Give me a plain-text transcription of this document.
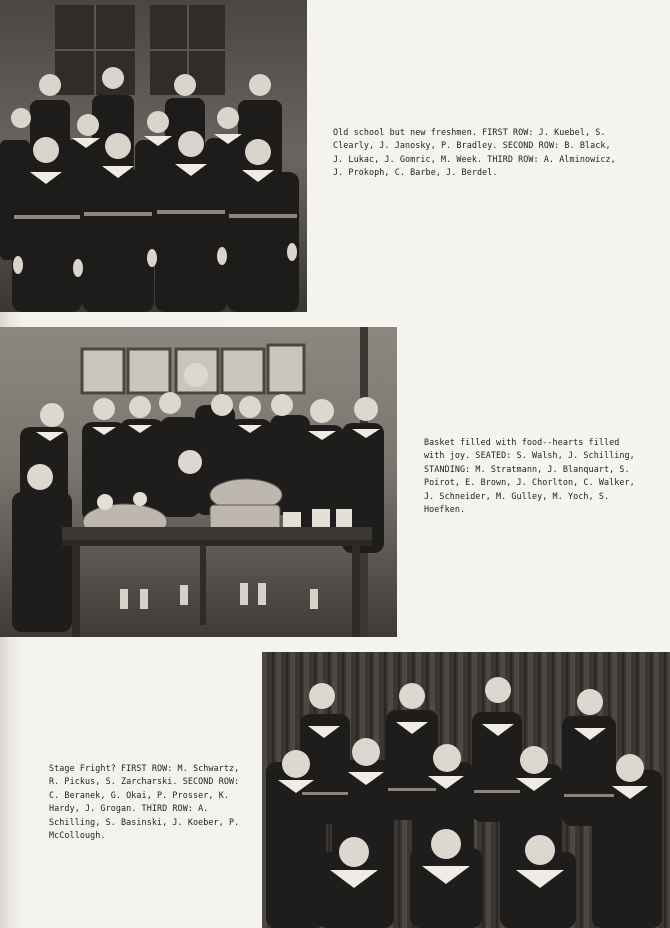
Old school but new freshmen. FIRST ROW: J. Kuebel, S. Clearly, J. Janosky, P. Bradley. SECOND ROW: B. Black, J. Lukac, J. Gomric, M. Week. THIRD ROW: A. Alminowicz, J. Prokoph, C. Barbe, J. Berdel.

Basket filled with food--hearts filled with joy. SEATED: S. Walsh, J. Schilling, STANDING: M. Stratmann, J. Blanquart, S. Poirot, E. Brown, J. Chorlton, C. Walker, J. Schneider, M. Gulley, M. Yoch, S. Hoefken.

Stage Fright? FIRST ROW: M. Schwartz, R. Pickus, S. Zarcharski. SECOND ROW: C. Beranek, G. Okai, P. Prosser, K. Hardy, J. Grogan. THIRD ROW: A. Schilling, S. Basinski, J. Koeber, P. McCollough.
